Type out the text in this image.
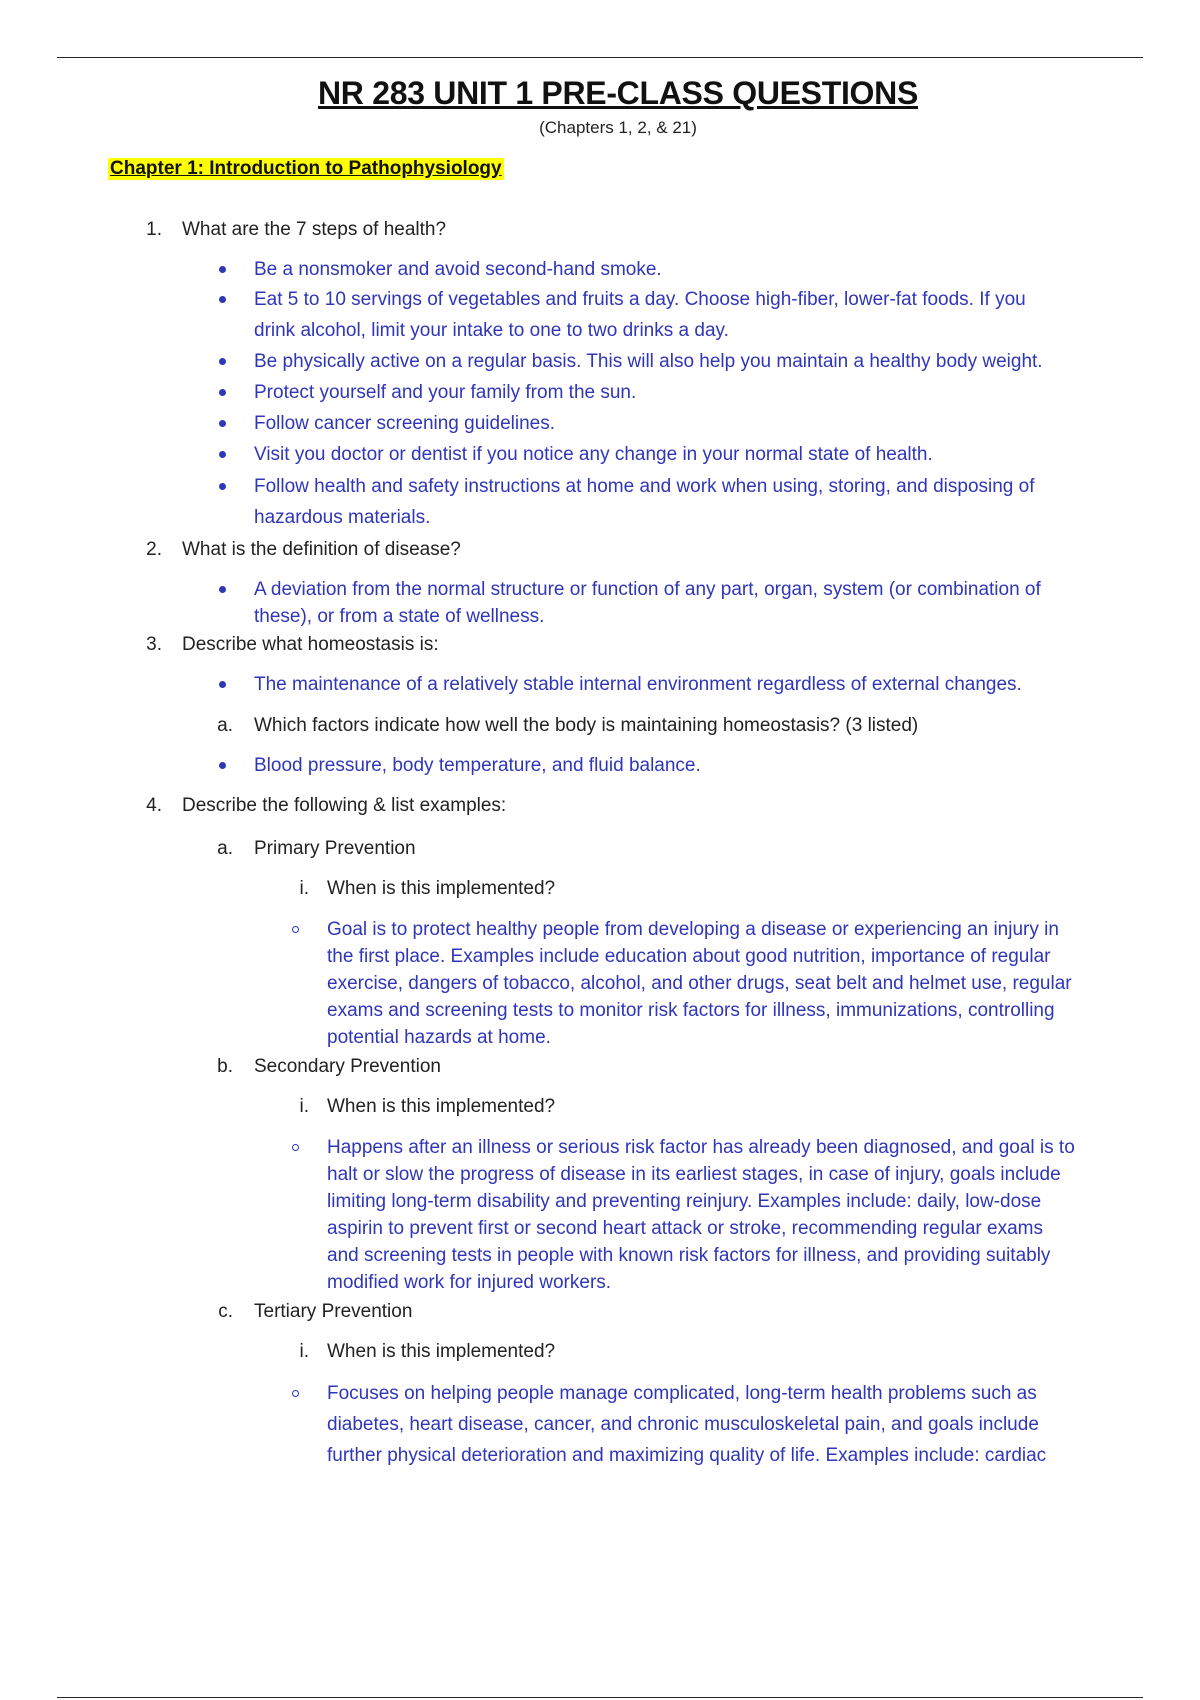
NR 283 UNIT 1 PRE-CLASS QUESTIONS
(Chapters 1, 2, & 21)
Chapter 1: Introduction to Pathophysiology
1. What are the 7 steps of health?
Be a nonsmoker and avoid second-hand smoke.
Eat 5 to 10 servings of vegetables and fruits a day. Choose high-fiber, lower-fat foods. If you
drink alcohol, limit your intake to one to two drinks a day.
Be physically active on a regular basis. This will also help you maintain a healthy body weight.
Protect yourself and your family from the sun.
Follow cancer screening guidelines.
Visit you doctor or dentist if you notice any change in your normal state of health.
Follow health and safety instructions at home and work when using, storing, and disposing of
hazardous materials.
2. What is the definition of disease?
A deviation from the normal structure or function of any part, organ, system (or combination of
these), or from a state of wellness.
3. Describe what homeostasis is:
The maintenance of a relatively stable internal environment regardless of external changes.
a. Which factors indicate how well the body is maintaining homeostasis? (3 listed)
Blood pressure, body temperature, and fluid balance.
4. Describe the following & list examples:
a. Primary Prevention
i. When is this implemented?
Goal is to protect healthy people from developing a disease or experiencing an injury in
the first place. Examples include education about good nutrition, importance of regular
exercise, dangers of tobacco, alcohol, and other drugs, seat belt and helmet use, regular
exams and screening tests to monitor risk factors for illness, immunizations, controlling
potential hazards at home.
b. Secondary Prevention
i. When is this implemented?
Happens after an illness or serious risk factor has already been diagnosed, and goal is to
halt or slow the progress of disease in its earliest stages, in case of injury, goals include
limiting long-term disability and preventing reinjury. Examples include: daily, low-dose
aspirin to prevent first or second heart attack or stroke, recommending regular exams
and screening tests in people with known risk factors for illness, and providing suitably
modified work for injured workers.
c. Tertiary Prevention
i. When is this implemented?
Focuses on helping people manage complicated, long-term health problems such as
diabetes, heart disease, cancer, and chronic musculoskeletal pain, and goals include
further physical deterioration and maximizing quality of life. Examples include: cardiac
